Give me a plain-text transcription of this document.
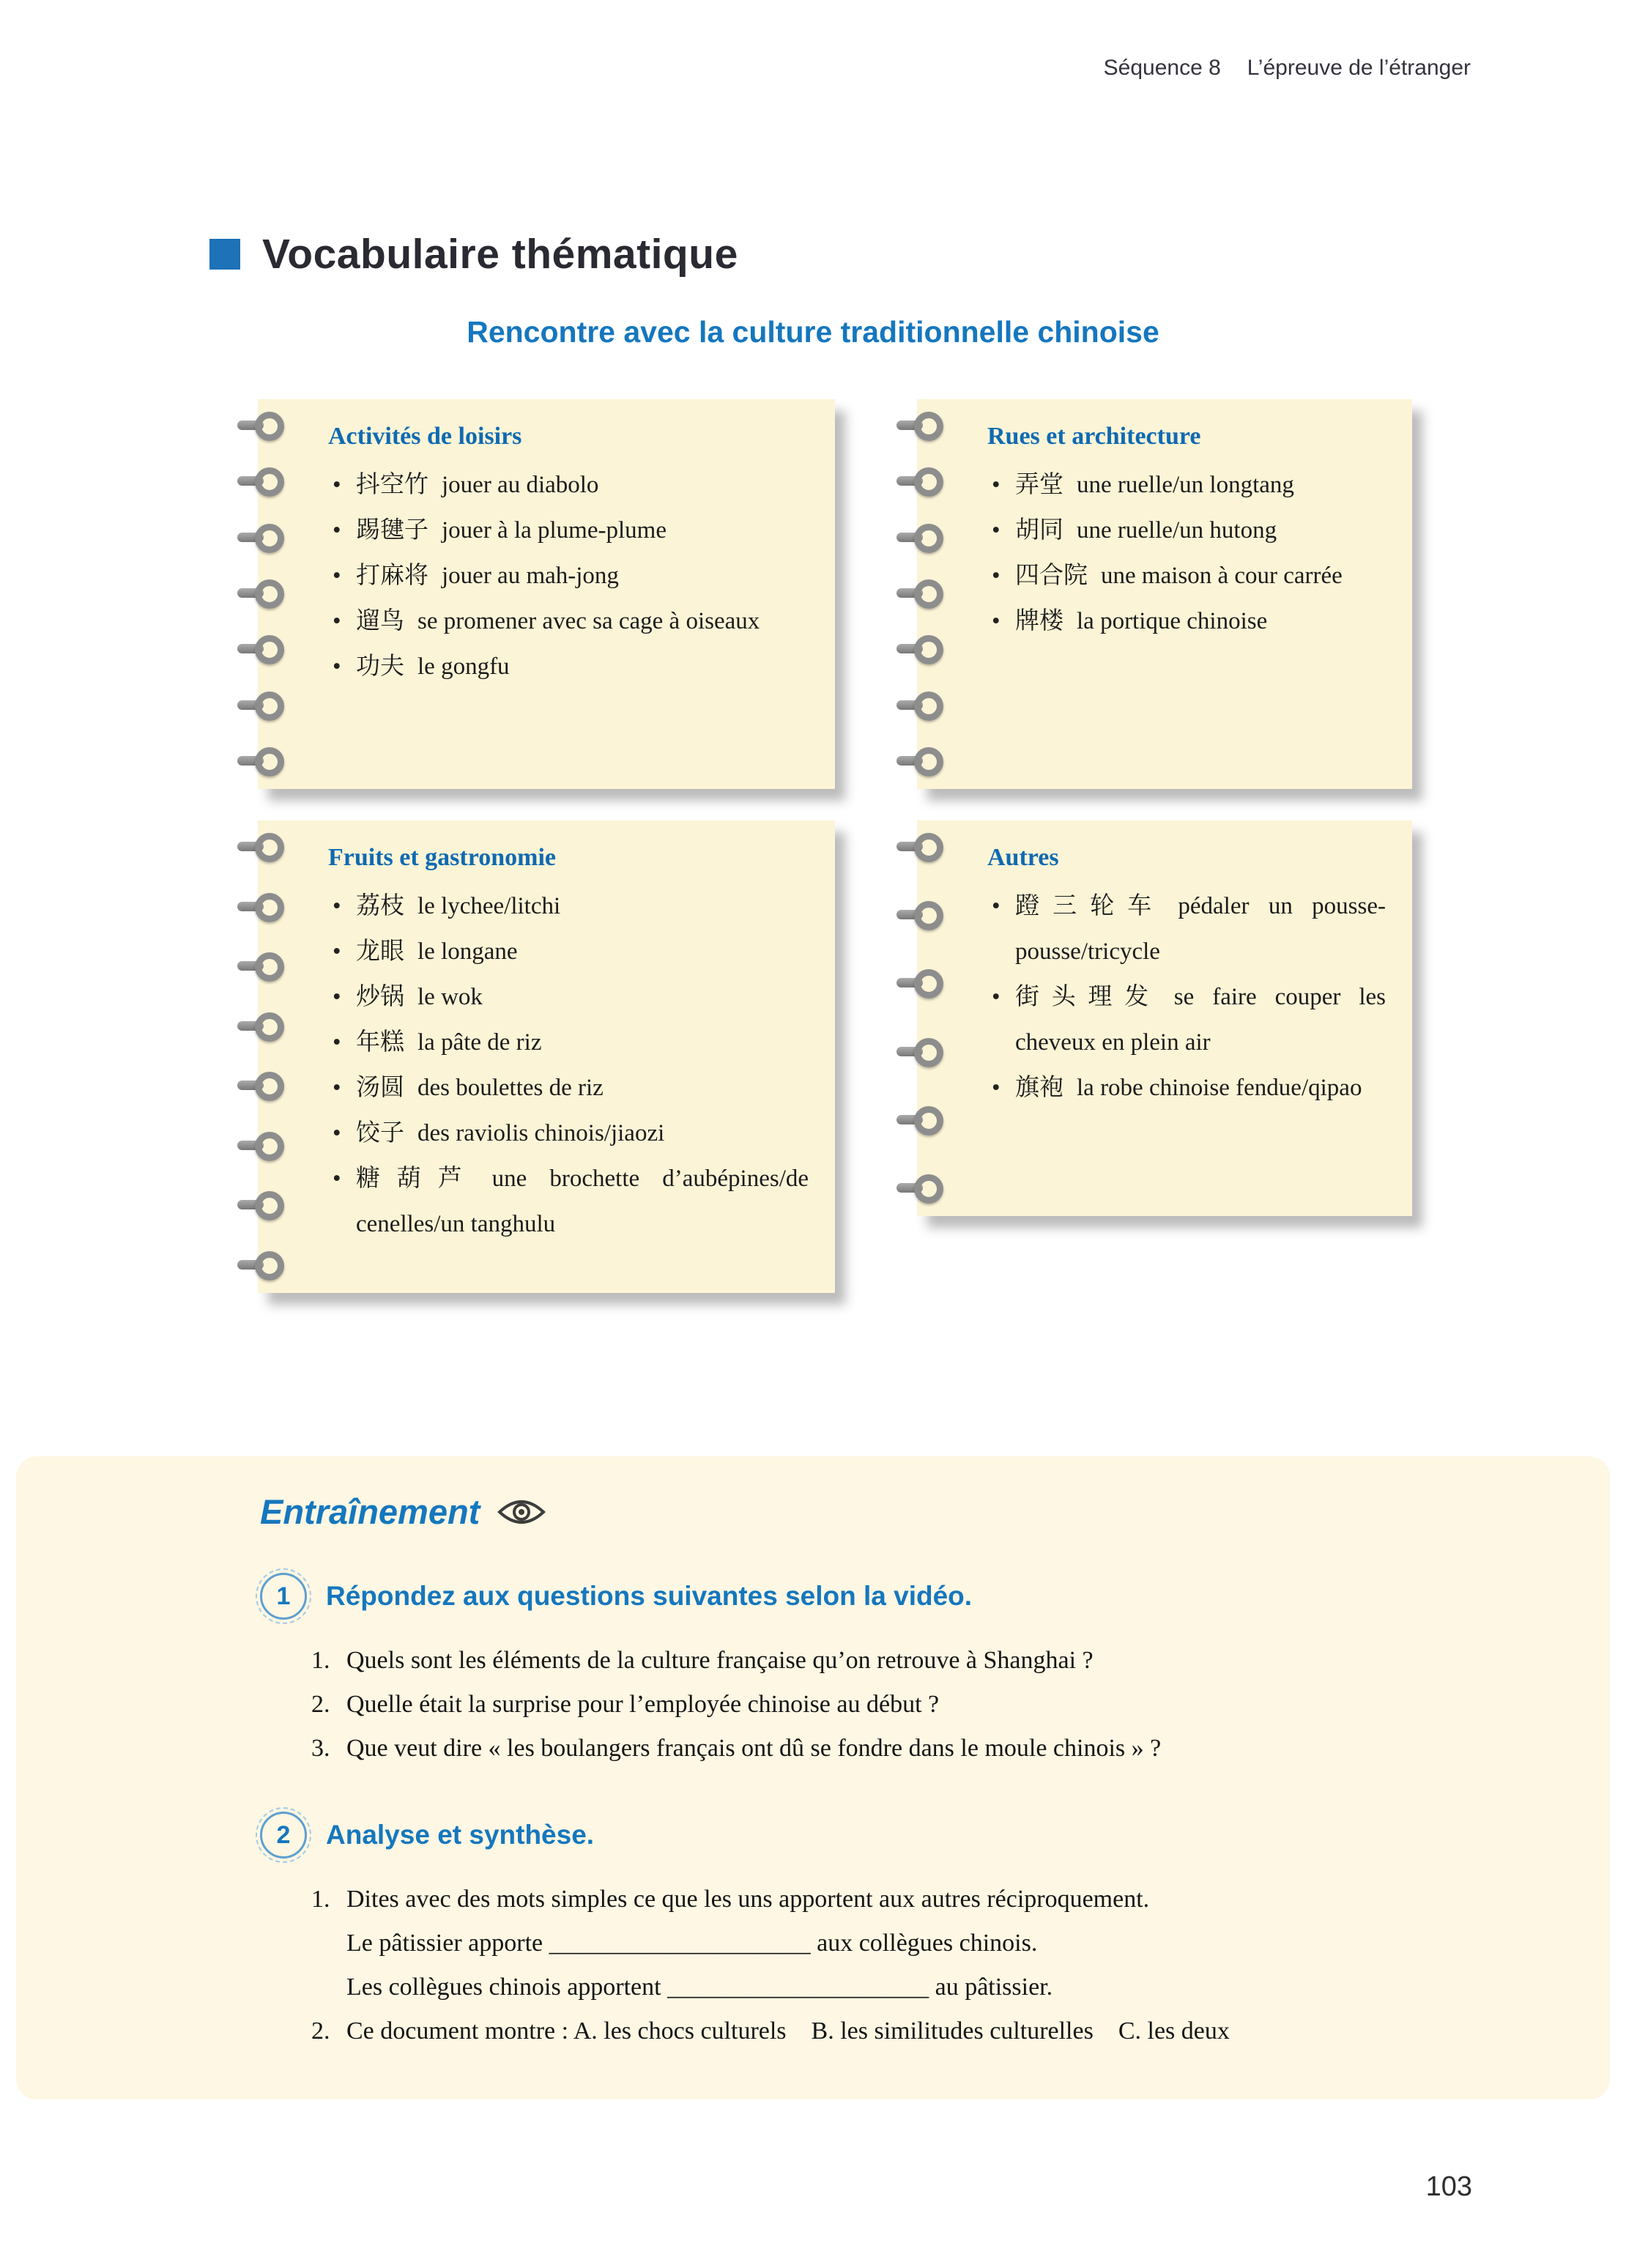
Séquence 8 L’épreuve de l’étranger
Vocabulaire thématique
Rencontre avec la culture traditionnelle chinoise
Activités de loisirs
• 抖空竹 jouer au diabolo
• 踢毽子 jouer à la plume-plume
• 打麻将 jouer au mah-jong
• 遛鸟 se promener avec sa cage à oiseaux
• 功夫 le gongfu
Rues et architecture
• 弄堂 une ruelle/un longtang
• 胡同 une ruelle/un hutong
• 四合院 une maison à cour carrée
• 牌楼 la portique chinoise
Fruits et gastronomie
• 荔枝 le lychee/litchi
• 龙眼 le longane
• 炒锅 le wok
• 年糕 la pâte de riz
• 汤圆 des boulettes de riz
• 饺子 des raviolis chinois/jiaozi
• 糖葫芦 une brochette d’aubépines/de cenelles/un tanghulu
Autres
• 蹬三轮车 pédaler un pousse-pousse/tricycle
• 街头理发 se faire couper les cheveux en plein air
• 旗袍 la robe chinoise fendue/qipao
Entraînement
1	Répondez aux questions suivantes selon la vidéo.
1. Quels sont les éléments de la culture française qu’on retrouve à Shanghai ?
2. Quelle était la surprise pour l’employée chinoise au début ?
3. Que veut dire « les boulangers français ont dû se fondre dans le moule chinois » ?
2	Analyse et synthèse.
1. Dites avec des mots simples ce que les uns apportent aux autres réciproquement.
Le pâtissier apporte _____________________ aux collègues chinois.
Les collègues chinois apportent _____________________ au pâtissier.
2. Ce document montre : A. les chocs culturels    B. les similitudes culturelles    C. les deux
103
